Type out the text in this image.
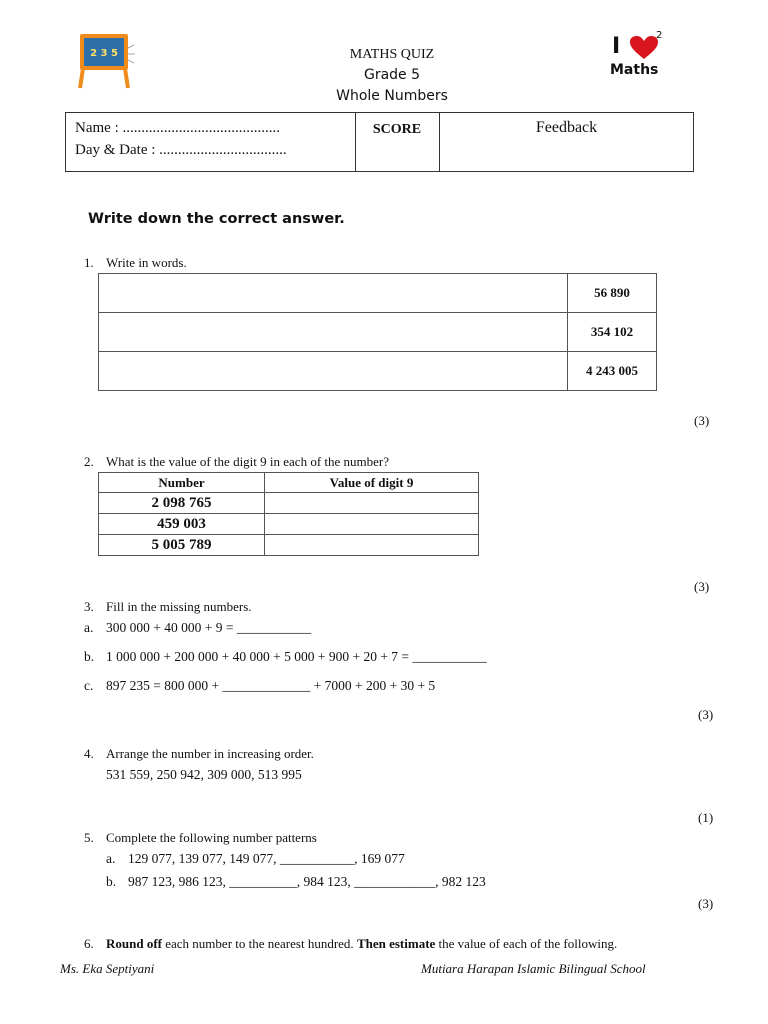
2 3 5	MATHS QUIZ
Grade 5
Whole Numbers
I	2
Maths
Name : ..........................................
Day & Date : ..................................
SCORE	Feedback
Write down the correct answer.
1. Write in words.
	56 890
	354 102
	4 243 005
(3)
2. What is the value of the digit 9 in each of the number?
Number	Value of digit 9
2 098 765	
459 003	
5 005 789	
(3)
3. Fill in the missing numbers.
a. 300 000 + 40 000 + 9 = ___________
b. 1 000 000 + 200 000 + 40 000 + 5 000 + 900 + 20 + 7 = ___________
c. 897 235 = 800 000 + _____________ + 7000 + 200 + 30 + 5
(3)
4. Arrange the number in increasing order.
531 559, 250 942, 309 000, 513 995
(1)
5. Complete the following number patterns
a. 129 077, 139 077, 149 077, ___________, 169 077
b. 987 123, 986 123, __________, 984 123, ____________, 982 123
(3)
6. Round off each number to the nearest hundred. Then estimate the value of each of the following.
Ms. Eka Septiyani	Mutiara Harapan Islamic Bilingual School
